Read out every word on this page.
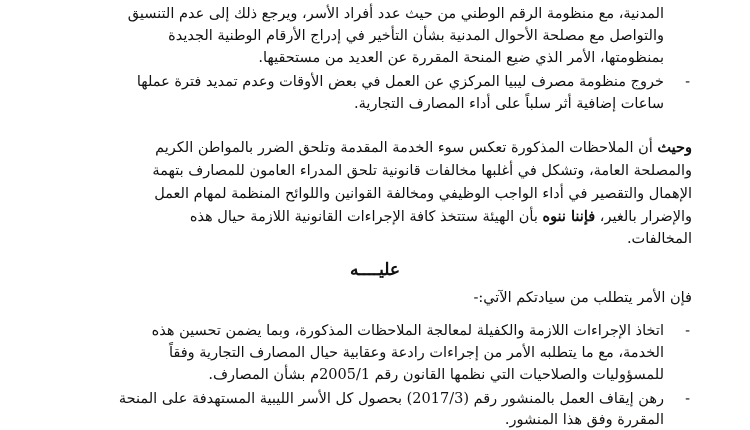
المدنية، مع منظومة الرقم الوطني من حيث عدد أفراد الأسر، ويرجع ذلك إلى عدم التنسيق
والتواصل مع مصلحة الأحوال المدنية بشأن التأخير في إدراج الأرقام الوطنية الجديدة
بمنظومتها، الأمر الذي ضيع المنحة المقررة عن العديد من مستحقيها.
-
خروج منظومة مصرف ليبيا المركزي عن العمل في بعض الأوقات وعدم تمديد فترة عملها
ساعات إضافية أثر سلباً على أداء المصارف التجارية.
وحيث أن الملاحظات المذكورة تعكس سوء الخدمة المقدمة وتلحق الضرر بالمواطن الكريم
والمصلحة العامة، وتشكل في أغلبها مخالفات قانونية تلحق المدراء العامون للمصارف بتهمة
الإهمال والتقصير في أداء الواجب الوظيفي ومخالفة القوانين واللوائح المنظمة لمهام العمل
والإضرار بالغير، فإننا ننوه بأن الهيئة ستتخذ كافة الإجراءات القانونية اللازمة حيال هذه
المخالفات.
عليــــه
فإن الأمر يتطلب من سيادتكم الآتي:-
-
اتخاذ الإجراءات اللازمة والكفيلة لمعالجة الملاحظات المذكورة، وبما يضمن تحسين هذه
الخدمة، مع ما يتطلبه الأمر من إجراءات رادعة وعقابية حيال المصارف التجارية وفقاً
للمسؤوليات والصلاحيات التي نظمها القانون رقم 2005/1م بشأن المصارف.
-
رهن إيقاف العمل بالمنشور رقم (2017/3) بحصول كل الأسر الليبية المستهدفة على المنحة
المقررة وفق هذا المنشور.
